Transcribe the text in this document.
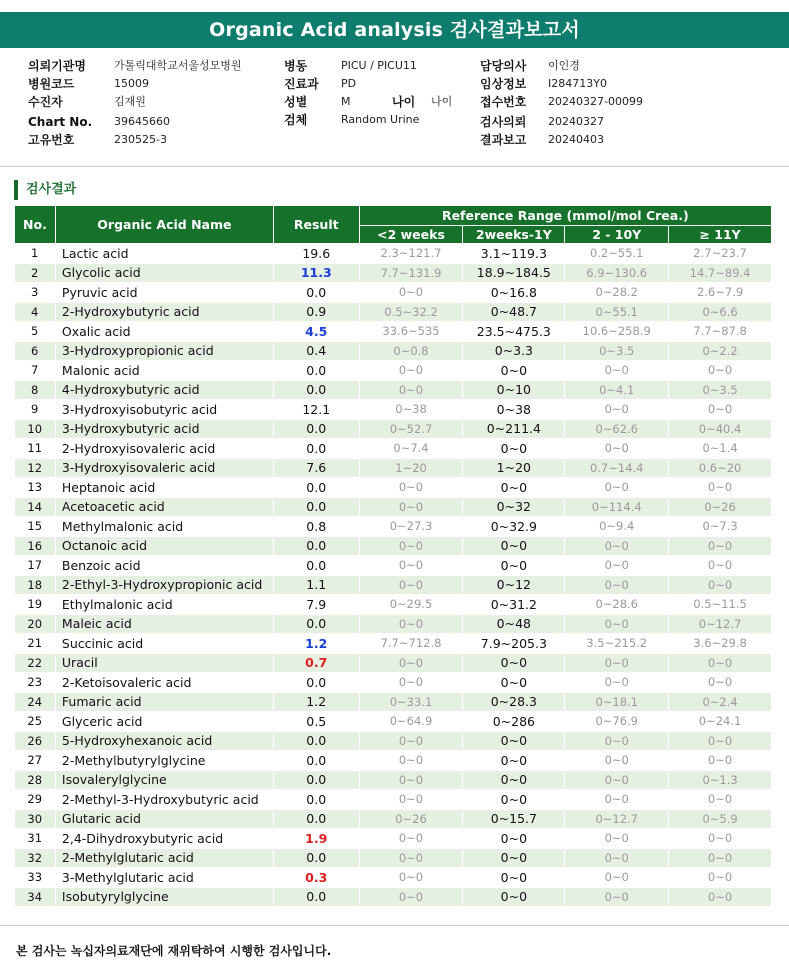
Organic Acid analysis 검사결과보고서
의뢰기관명	가톨릭대학교서울성모병원	병동	PICU / PICU11	담당의사 이인경
병원코드	15009	진료과 PD	임상정보 I284713Y0
수진자	김재원	성별	M	나이 나이 접수번호 20240327-00099
Chart No. 39645660	검체	Random Urine	검사의뢰 20240327
고유번호	230525-3	결과보고 20240403
검사결과
No.	Organic Acid Name	Result	Reference Range (mmol/mol Crea.)			
			<2 weeks	2weeks-1Y	2 - 10Y	≥ 11Y
1	Lactic acid	19.6	2.3~121.7	3.1~119.3	0.2~55.1	2.7~23.7
2	Glycolic acid	11.3	7.7~131.9	18.9~184.5	6.9~130.6	14.7~89.4
3	Pyruvic acid	0.0	0~0	0~16.8	0~28.2	2.6~7.9
4	2-Hydroxybutyric acid	0.9	0.5~32.2	0~48.7	0~55.1	0~6.6
5	Oxalic acid	4.5	33.6~535	23.5~475.3	10.6~258.9	7.7~87.8
6	3-Hydroxypropionic acid	0.4	0~0.8	0~3.3	0~3.5	0~2.2
7	Malonic acid	0.0	0~0	0~0	0~0	0~0
8	4-Hydroxybutyric acid	0.0	0~0	0~10	0~4.1	0~3.5
9	3-Hydroxyisobutyric acid	12.1	0~38	0~38	0~0	0~0
10	3-Hydroxybutyric acid	0.0	0~52.7	0~211.4	0~62.6	0~40.4
11	2-Hydroxyisovaleric acid	0.0	0~7.4	0~0	0~0	0~1.4
12	3-Hydroxyisovaleric acid	7.6	1~20	1~20	0.7~14.4	0.6~20
13	Heptanoic acid	0.0	0~0	0~0	0~0	0~0
14	Acetoacetic acid	0.0	0~0	0~32	0~114.4	0~26
15	Methylmalonic acid	0.8	0~27.3	0~32.9	0~9.4	0~7.3
16	Octanoic acid	0.0	0~0	0~0	0~0	0~0
17	Benzoic acid	0.0	0~0	0~0	0~0	0~0
18	2-Ethyl-3-Hydroxypropionic acid	1.1	0~0	0~12	0~0	0~0
19	Ethylmalonic acid	7.9	0~29.5	0~31.2	0~28.6	0.5~11.5
20	Maleic acid	0.0	0~0	0~48	0~0	0~12.7
21	Succinic acid	1.2	7.7~712.8	7.9~205.3	3.5~215.2	3.6~29.8
22	Uracil	0.7	0~0	0~0	0~0	0~0
23	2-Ketoisovaleric acid	0.0	0~0	0~0	0~0	0~0
24	Fumaric acid	1.2	0~33.1	0~28.3	0~18.1	0~2.4
25	Glyceric acid	0.5	0~64.9	0~286	0~76.9	0~24.1
26	5-Hydroxyhexanoic acid	0.0	0~0	0~0	0~0	0~0
27	2-Methylbutyrylglycine	0.0	0~0	0~0	0~0	0~0
28	Isovalerylglycine	0.0	0~0	0~0	0~0	0~1.3
29	2-Methyl-3-Hydroxybutyric acid	0.0	0~0	0~0	0~0	0~0
30	Glutaric acid	0.0	0~26	0~15.7	0~12.7	0~5.9
31	2,4-Dihydroxybutyric acid	1.9	0~0	0~0	0~0	0~0
32	2-Methylglutaric acid	0.0	0~0	0~0	0~0	0~0
33	3-Methylglutaric acid	0.3	0~0	0~0	0~0	0~0
34	Isobutyrylglycine	0.0	0~0	0~0	0~0	0~0
본 검사는 녹십자의료재단에 재위탁하여 시행한 검사입니다.
